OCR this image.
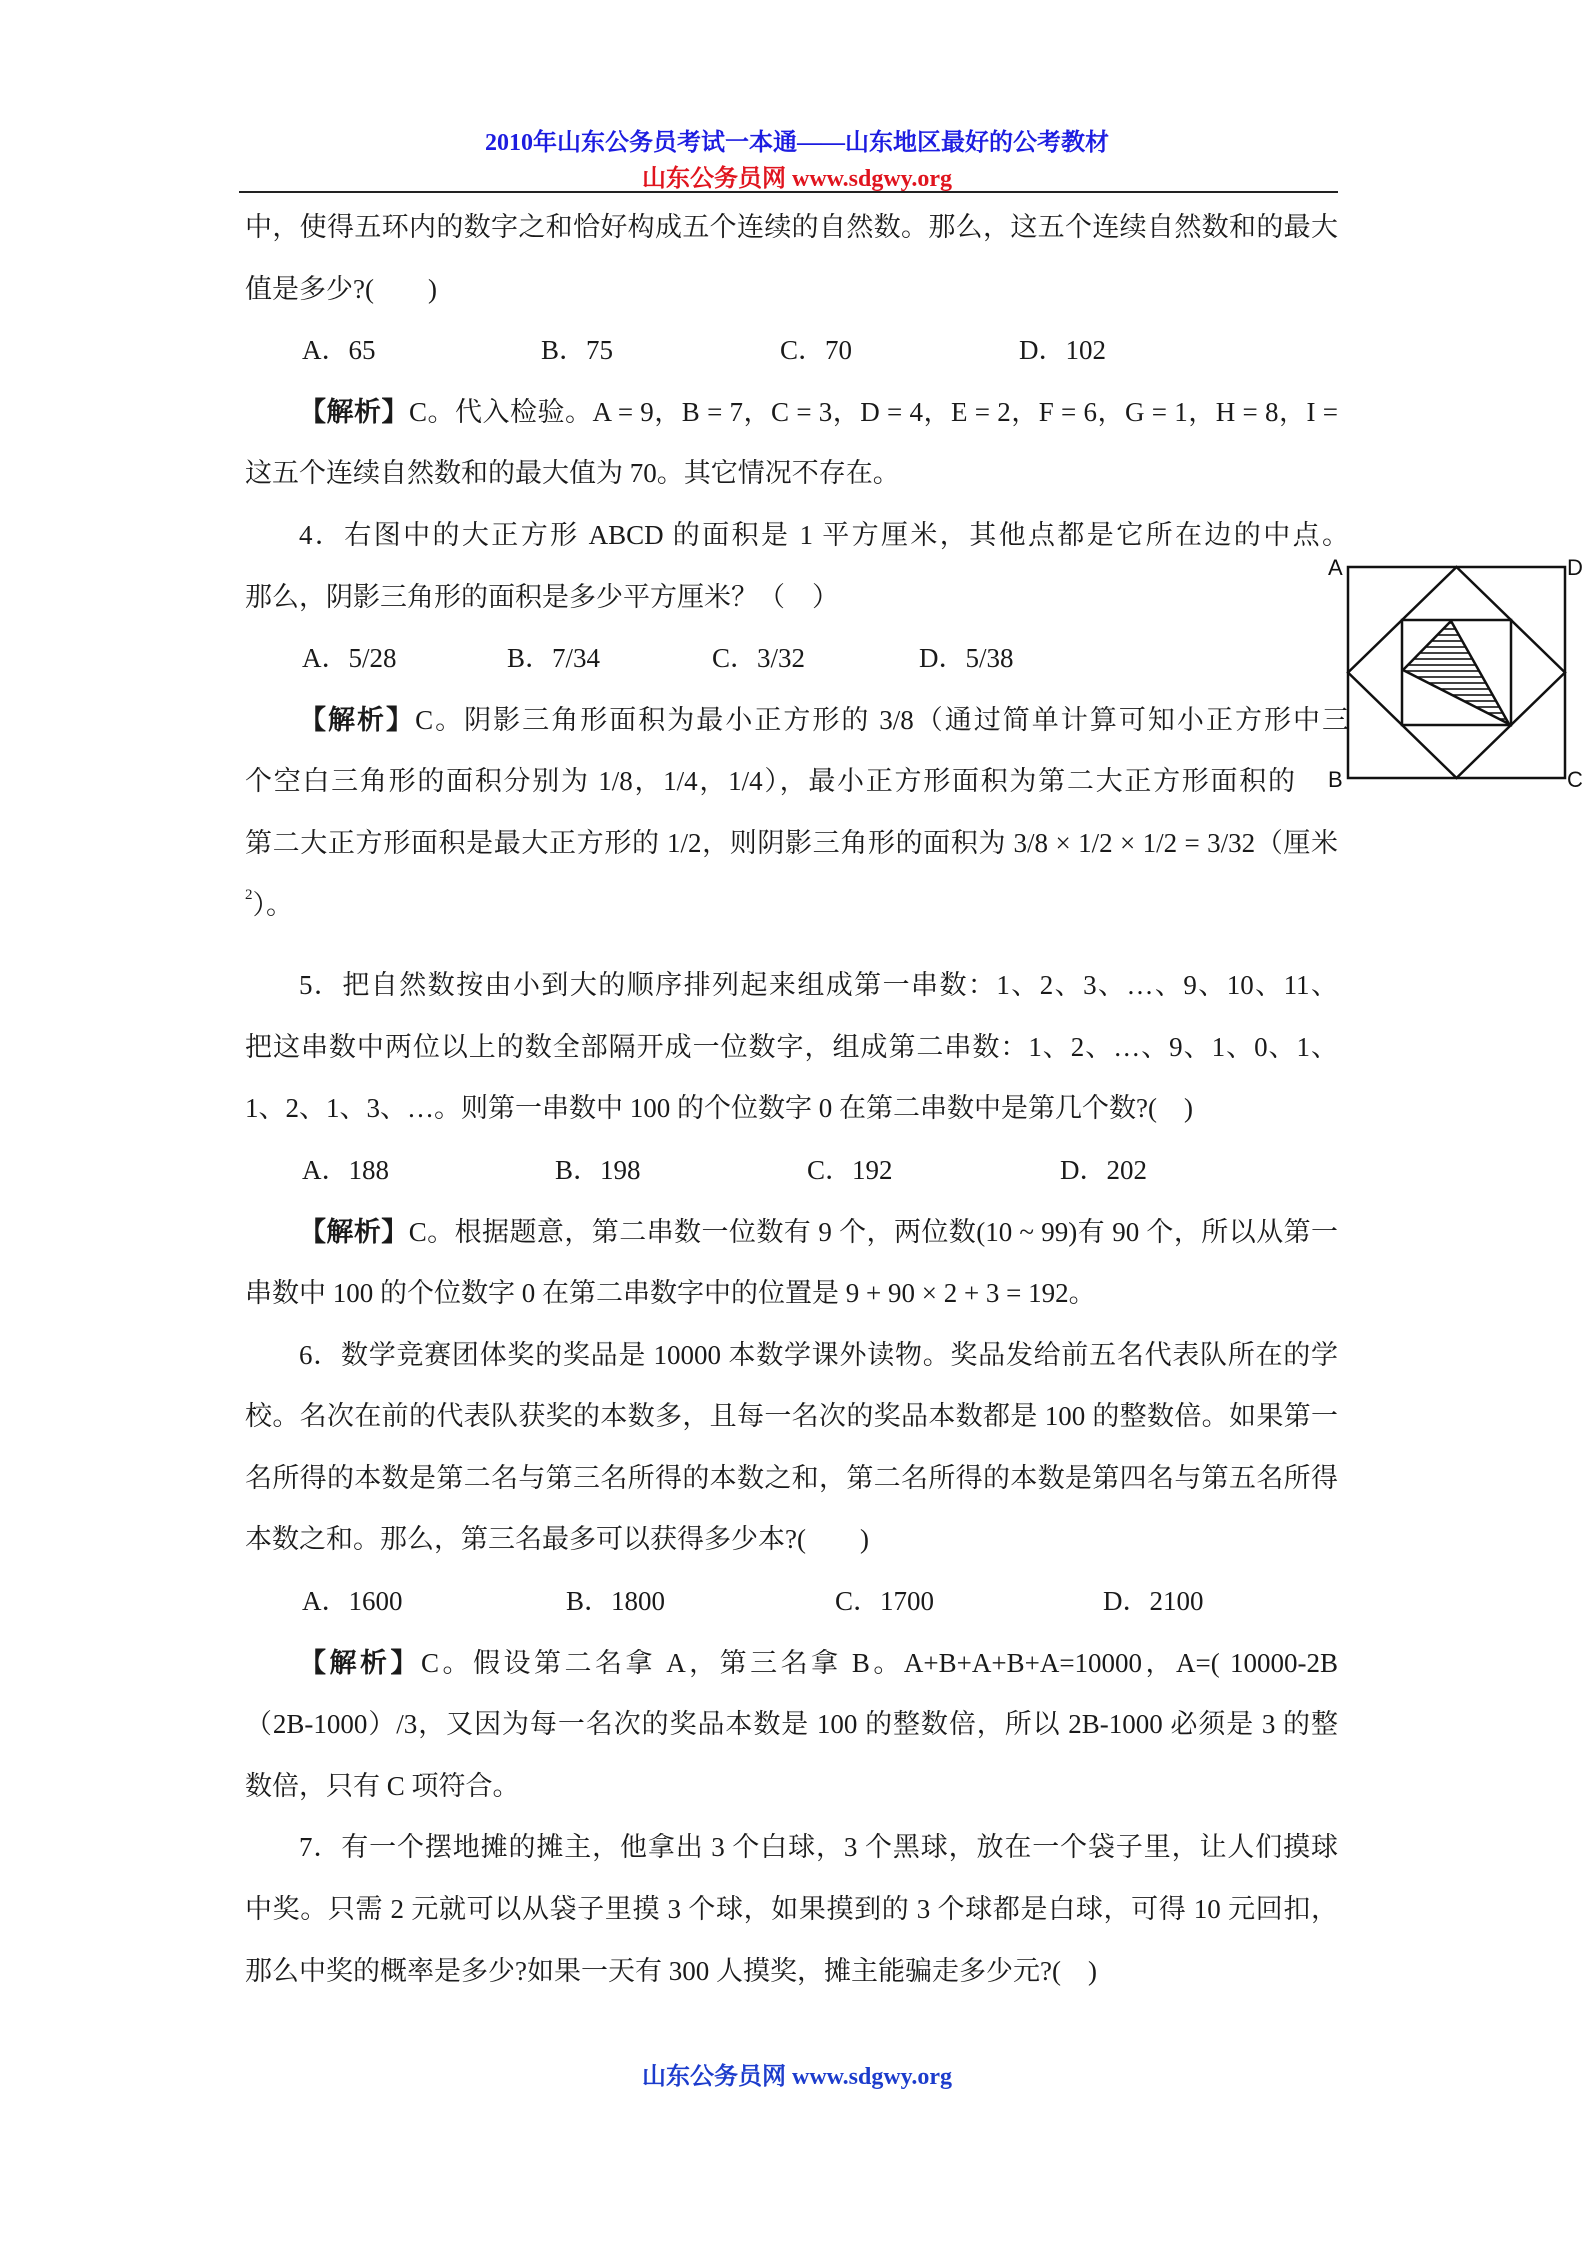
2010年山东公务员考试一本通——山东地区最好的公考教材
山东公务员网 www.sdgwy.org
中，使得五环内的数字之和恰好构成五个连续的自然数。那么，这五个连续自然数和的最大
值是多少?(　　)
A．65	B．75	C．70	D．102
【解析】C。代入检验。A = 9，B = 7，C = 3，D = 4，E = 2，F = 6，G = 1，H = 8，I =
这五个连续自然数和的最大值为 70。其它情况不存在。
4．右图中的大正方形 ABCD 的面积是 1 平方厘米，其他点都是它所在边的中点。
那么，阴影三角形的面积是多少平方厘米？（　）
A．5/28	B．7/34	C．3/32	D．5/38
【解析】C。阴影三角形面积为最小正方形的 3/8（通过简单计算可知小正方形中三
个空白三角形的面积分别为 1/8，1/4，1/4），最小正方形面积为第二大正方形面积的
第二大正方形面积是最大正方形的 1/2，则阴影三角形的面积为 3/8 × 1/2 × 1/2 = 3/32（厘米
$^2$）。
5．把自然数按由小到大的顺序排列起来组成第一串数：1、2、3、…、9、10、11、
把这串数中两位以上的数全部隔开成一位数字，组成第二串数：1、2、…、9、1、0、1、
1、2、1、3、…。则第一串数中 100 的个位数字 0 在第二串数中是第几个数?(　)
A．188	B．198	C．192	D．202
【解析】C。根据题意，第二串数一位数有 9 个，两位数(10 ~ 99)有 90 个，所以从第一
串数中 100 的个位数字 0 在第二串数字中的位置是 9 + 90 × 2 + 3 = 192。
6．数学竞赛团体奖的奖品是 10000 本数学课外读物。奖品发给前五名代表队所在的学
校。名次在前的代表队获奖的本数多，且每一名次的奖品本数都是 100 的整数倍。如果第一
名所得的本数是第二名与第三名所得的本数之和，第二名所得的本数是第四名与第五名所得
本数之和。那么，第三名最多可以获得多少本?(　　)
A．1600	B．1800	C．1700	D．2100
【解析】C。假设第二名拿 A，第三名拿 B。A+B+A+B+A=10000，A=( 10000-2B
（2B-1000）/3，又因为每一名次的奖品本数是 100 的整数倍，所以 2B-1000 必须是 3 的整
数倍，只有 C 项符合。
7．有一个摆地摊的摊主，他拿出 3 个白球，3 个黑球，放在一个袋子里，让人们摸球
中奖。只需 2 元就可以从袋子里摸 3 个球，如果摸到的 3 个球都是白球，可得 10 元回扣，
那么中奖的概率是多少?如果一天有 300 人摸奖，摊主能骗走多少元?(　)
A
B	C
D
山东公务员网 www.sdgwy.org
